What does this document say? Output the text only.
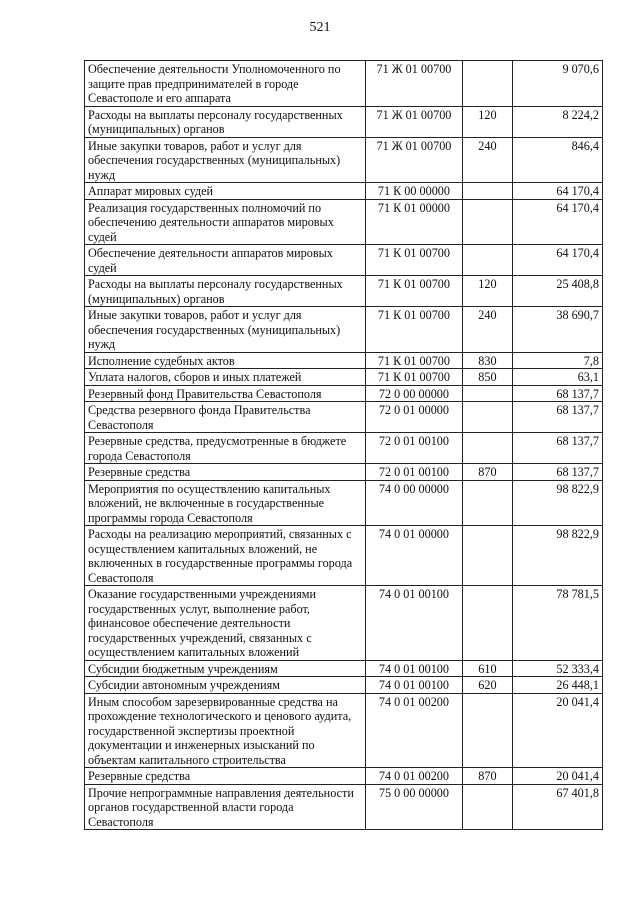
521
Обеспечение деятельности Уполномоченного по защите прав предпринимателей в городе Севастополе и его аппарата	71 Ж 01 00700		9 070,6
Расходы на выплаты персоналу государственных (муниципальных) органов	71 Ж 01 00700	120	8 224,2
Иные закупки товаров, работ и услуг для обеспечения государственных (муниципальных) нужд	71 Ж 01 00700	240	846,4
Аппарат мировых судей	71 К 00 00000		64 170,4
Реализация государственных полномочий по обеспечению деятельности аппаратов мировых судей	71 К 01 00000		64 170,4
Обеспечение деятельности аппаратов мировых судей	71 К 01 00700		64 170,4
Расходы на выплаты персоналу государственных (муниципальных) органов	71 К 01 00700	120	25 408,8
Иные закупки товаров, работ и услуг для обеспечения государственных (муниципальных) нужд	71 К 01 00700	240	38 690,7
Исполнение судебных актов	71 К 01 00700	830	7,8
Уплата налогов, сборов и иных платежей	71 К 01 00700	850	63,1
Резервный фонд Правительства Севастополя	72 0 00 00000		68 137,7
Средства резервного фонда Правительства Севастополя	72 0 01 00000		68 137,7
Резервные средства, предусмотренные в бюджете города Севастополя	72 0 01 00100		68 137,7
Резервные средства	72 0 01 00100	870	68 137,7
Мероприятия по осуществлению капитальных вложений, не включенные в государственные программы города Севастополя	74 0 00 00000		98 822,9
Расходы на реализацию мероприятий, связанных с осуществлением капитальных вложений, не включенных в государственные программы города Севастополя	74 0 01 00000		98 822,9
Оказание государственными учреждениями государственных услуг, выполнение работ, финансовое обеспечение деятельности государственных учреждений, связанных с осуществлением капитальных вложений	74 0 01 00100		78 781,5
Субсидии бюджетным учреждениям	74 0 01 00100	610	52 333,4
Субсидии автономным учреждениям	74 0 01 00100	620	26 448,1
Иным способом зарезервированные средства на прохождение технологического и ценового аудита, государственной экспертизы проектной документации и инженерных изысканий по объектам капитального строительства	74 0 01 00200		20 041,4
Резервные средства	74 0 01 00200	870	20 041,4
Прочие непрограммные направления деятельности органов государственной власти города Севастополя	75 0 00 00000		67 401,8
